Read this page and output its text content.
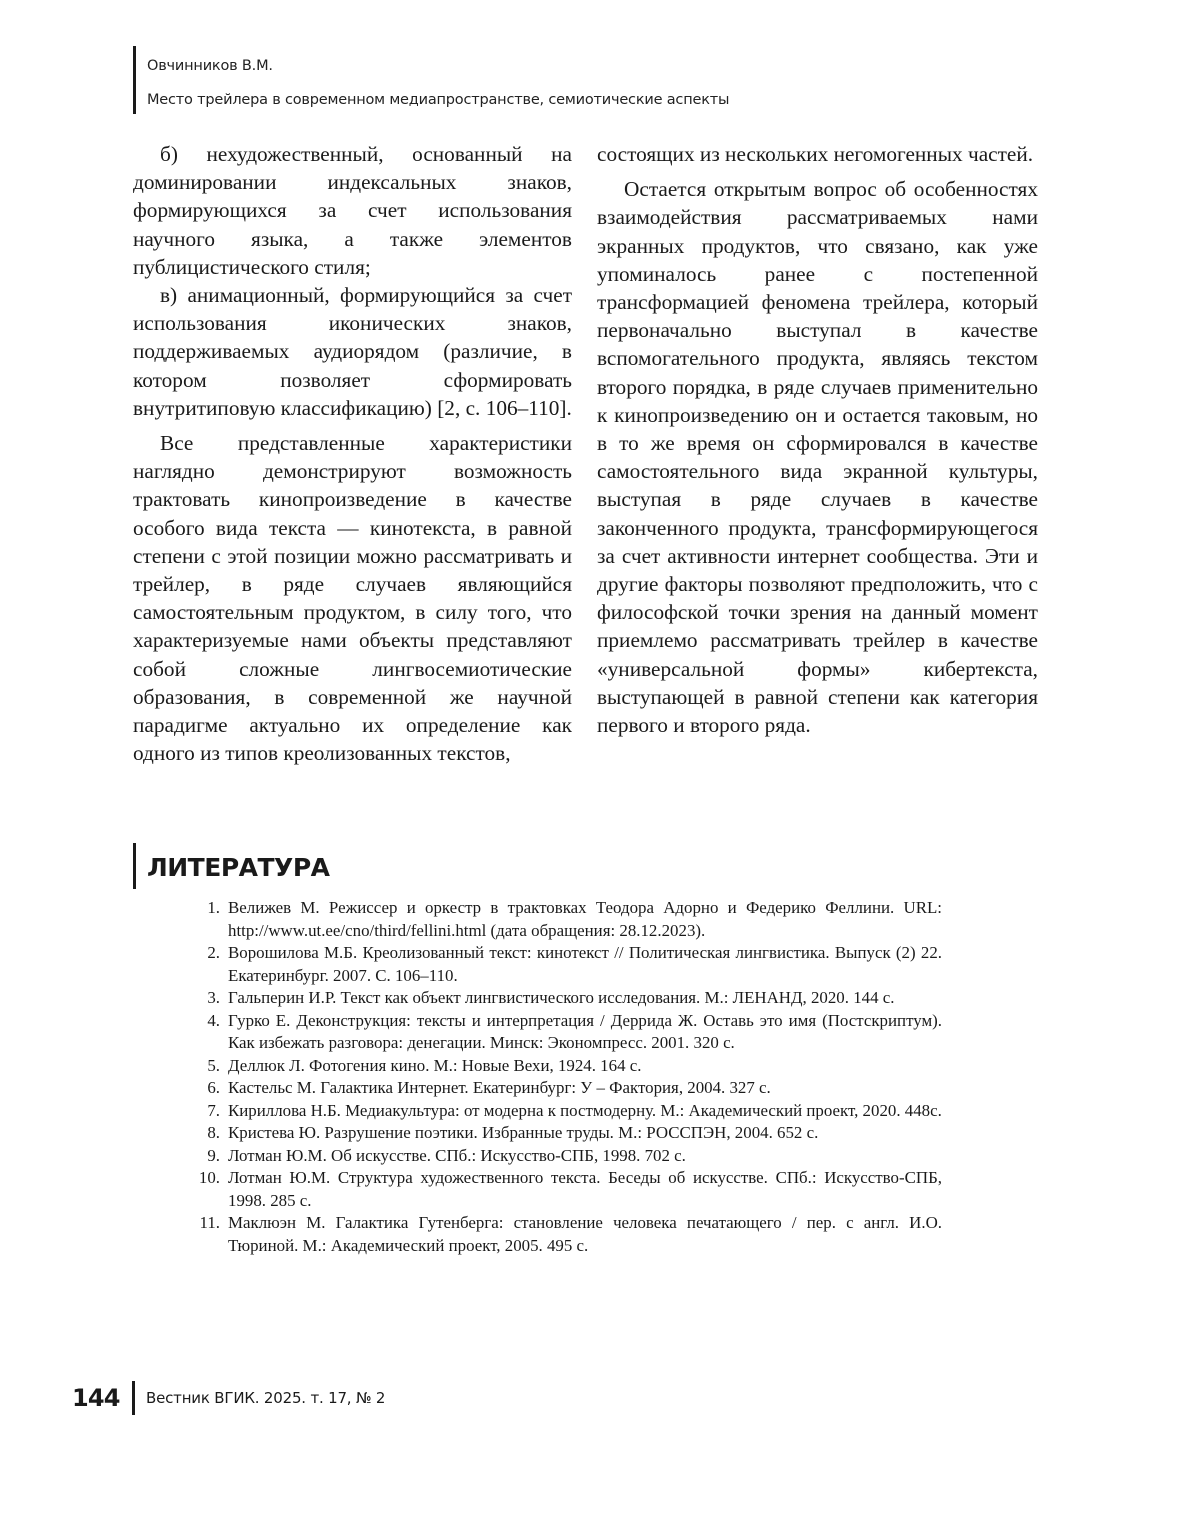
Овчинников В.М.
Место трейлера в современном медиапространстве, семиотические аспекты

б) нехудожественный, основанный на доминировании индексальных знаков, формирующихся за счет использования научного языка, а также элементов публицистического стиля;

в) анимационный, формирующийся за счет использования иконических знаков, поддерживаемых аудиорядом (различие, в котором позволяет сформировать внутритиповую классификацию) [2, с. 106–110].

Все представленные характеристики наглядно демонстрируют возможность трактовать кинопроизведение в качестве особого вида текста — кинотекста, в равной степени с этой позиции можно рассматривать и трейлер, в ряде случаев являющийся самостоятельным продуктом, в силу того, что характеризуемые нами объекты представляют собой сложные лингвосемиотические образования, в современной же научной парадигме актуально их определение как одного из типов креолизованных текстов,

состоящих из нескольких негомогенных частей.

Остается открытым вопрос об особенностях взаимодействия рассматриваемых нами экранных продуктов, что связано, как уже упоминалось ранее с постепенной трансформацией феномена трейлера, который первоначально выступал в качестве вспомогательного продукта, являясь текстом второго порядка, в ряде случаев применительно к кинопроизведению он и остается таковым, но в то же время он сформировался в качестве самостоятельного вида экранной культуры, выступая в ряде случаев в качестве законченного продукта, трансформирующегося за счет активности интернет сообщества. Эти и другие факторы позволяют предположить, что с философской точки зрения на данный момент приемлемо рассматривать трейлер в качестве «универсальной формы» кибертекста, выступающей в равной степени как категория первого и второго ряда.

ЛИТЕРАТУРА
1. Велижев М. Режиссер и оркестр в трактовках Теодора Адорно и Федерико Феллини. URL: http://www.ut.ee/cno/third/fellini.html (дата обращения: 28.12.2023).
2. Ворошилова М.Б. Креолизованный текст: кинотекст // Политическая лингвистика. Выпуск (2) 22. Екатеринбург. 2007. С. 106–110.
3. Гальперин И.Р. Текст как объект лингвистического исследования. М.: ЛЕНАНД, 2020. 144 с.
4. Гурко Е. Деконструкция: тексты и интерпретация / Деррида Ж. Оставь это имя (Постскриптум). Как избежать разговора: денегации. Минск: Экономпресс. 2001. 320 с.
5. Деллюк Л. Фотогения кино. М.: Новые Вехи, 1924. 164 с.
6. Кастельс М. Галактика Интернет. Екатеринбург: У – Фактория, 2004. 327 с.
7. Кириллова Н.Б. Медиакультура: от модерна к постмодерну. М.: Академический проект, 2020. 448с.
8. Кристева Ю. Разрушение поэтики. Избранные труды. М.: РОССПЭН, 2004. 652 с.
9. Лотман Ю.М. Об искусстве. СПб.: Искусство-СПБ, 1998. 702 с.
10. Лотман Ю.М. Структура художественного текста. Беседы об искусстве. СПб.: Искусство-СПБ, 1998. 285 с.
11. Маклюэн М. Галактика Гутенберга: становление человека печатающего / пер. с англ. И.О. Тюриной. М.: Академический проект, 2005. 495 с.
144 Вестник ВГИК. 2025. т. 17, № 2
